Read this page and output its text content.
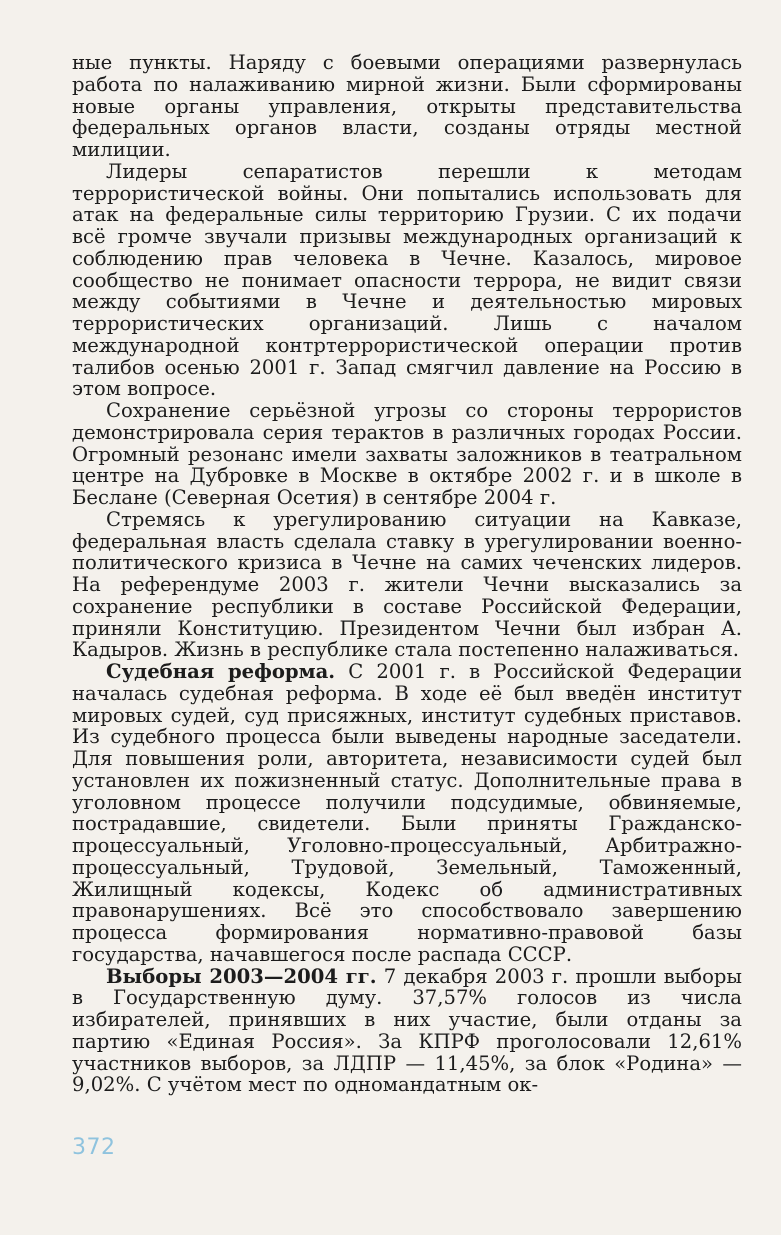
ные пункты. Наряду с боевыми операциями развернулась работа по налаживанию мирной жизни. Были сформированы новые органы управления, открыты представительства федеральных органов власти, созданы отряды местной милиции.

Лидеры сепаратистов перешли к методам террористической войны. Они попытались использовать для атак на федеральные силы территорию Грузии. С их подачи всё громче звучали призывы международных организаций к соблюдению прав человека в Чечне. Казалось, мировое сообщество не понимает опасности террора, не видит связи между событиями в Чечне и деятельностью мировых террористических организаций. Лишь с началом международной контртеррористической операции против талибов осенью 2001 г. Запад смягчил давление на Россию в этом вопросе.

Сохранение серьёзной угрозы со стороны террористов демонстрировала серия терактов в различных городах России. Огромный резонанс имели захваты заложников в театральном центре на Дубровке в Москве в октябре 2002 г. и в школе в Беслане (Северная Осетия) в сентябре 2004 г.

Стремясь к урегулированию ситуации на Кавказе, федеральная власть сделала ставку в урегулировании военно-политического кризиса в Чечне на самих чеченских лидеров. На референдуме 2003 г. жители Чечни высказались за сохранение республики в составе Российской Федерации, приняли Конституцию. Президентом Чечни был избран А. Кадыров. Жизнь в республике стала постепенно налаживаться.

Судебная реформа. С 2001 г. в Российской Федерации началась судебная реформа. В ходе её был введён институт мировых судей, суд присяжных, институт судебных приставов. Из судебного процесса были выведены народные заседатели. Для повышения роли, авторитета, независимости судей был установлен их пожизненный статус. Дополнительные права в уголовном процессе получили подсудимые, обвиняемые, пострадавшие, свидетели. Были приняты Гражданско-процессуальный, Уголовно-процессуальный, Арбитражно-процессуальный, Трудовой, Земельный, Таможенный, Жилищный кодексы, Кодекс об административных правонарушениях. Всё это способствовало завершению процесса формирования нормативно-правовой базы государства, начавшегося после распада СССР.

Выборы 2003—2004 гг. 7 декабря 2003 г. прошли выборы в Государственную думу. 37,57% голосов из числа избирателей, принявших в них участие, были отданы за партию «Единая Россия». За КПРФ проголосовали 12,61% участников выборов, за ЛДПР — 11,45%, за блок «Родина» — 9,02%. С учётом мест по одномандатным ок-

372
